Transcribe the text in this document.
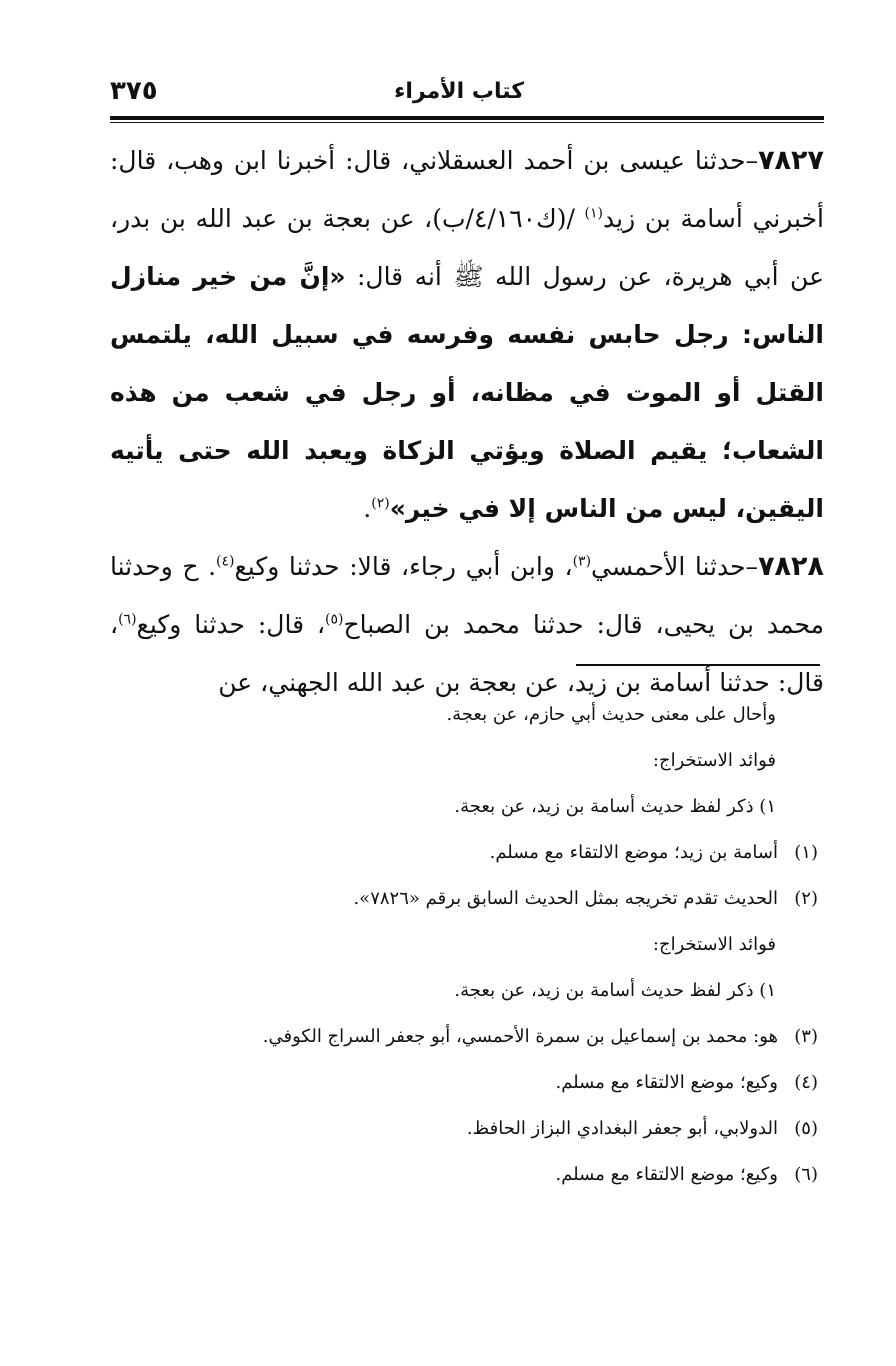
كتاب الأمراء
٣٧٥

٧٨٢٧–حدثنا عيسى بن أحمد العسقلاني، قال: أخبرنا ابن وهب، قال: أخبرني أسامة بن زيد$^{(١)}$ /(ك٤/١٦٠/ب)، عن بعجة بن عبد الله بن بدر، عن أبي هريرة، عن رسول الله ﷺ أنه قال: «إنَّ من خير منازل الناس: رجل حابس نفسه وفرسه في سبيل الله، يلتمس القتل أو الموت في مظانه، أو رجل في شعب من هذه الشعاب؛ يقيم الصلاة ويؤتي الزكاة ويعبد الله حتى يأتيه اليقين، ليس من الناس إلا في خير»$^{(٢)}$.

٧٨٢٨–حدثنا الأحمسي$^{(٣)}$، وابن أبي رجاء، قالا: حدثنا وكيع$^{(٤)}$. ح وحدثنا محمد بن يحيى، قال: حدثنا محمد بن الصباح$^{(٥)}$، قال: حدثنا وكيع$^{(٦)}$، قال: حدثنا أسامة بن زيد، عن بعجة بن عبد الله الجهني، عن

وأحال على معنى حديث أبي حازم، عن بعجة.
فوائد الاستخراج:
١) ذكر لفظ حديث أسامة بن زيد، عن بعجة.
(١)أسامة بن زيد؛ موضع الالتقاء مع مسلم.
(٢)الحديث تقدم تخريجه بمثل الحديث السابق برقم «٧٨٢٦».
فوائد الاستخراج:
١) ذكر لفظ حديث أسامة بن زيد، عن بعجة.
(٣)هو: محمد بن إسماعيل بن سمرة الأحمسي، أبو جعفر السراج الكوفي.
(٤)وكيع؛ موضع الالتقاء مع مسلم.
(٥)الدولابي، أبو جعفر البغدادي البزاز الحافظ.
(٦)وكيع؛ موضع الالتقاء مع مسلم.
